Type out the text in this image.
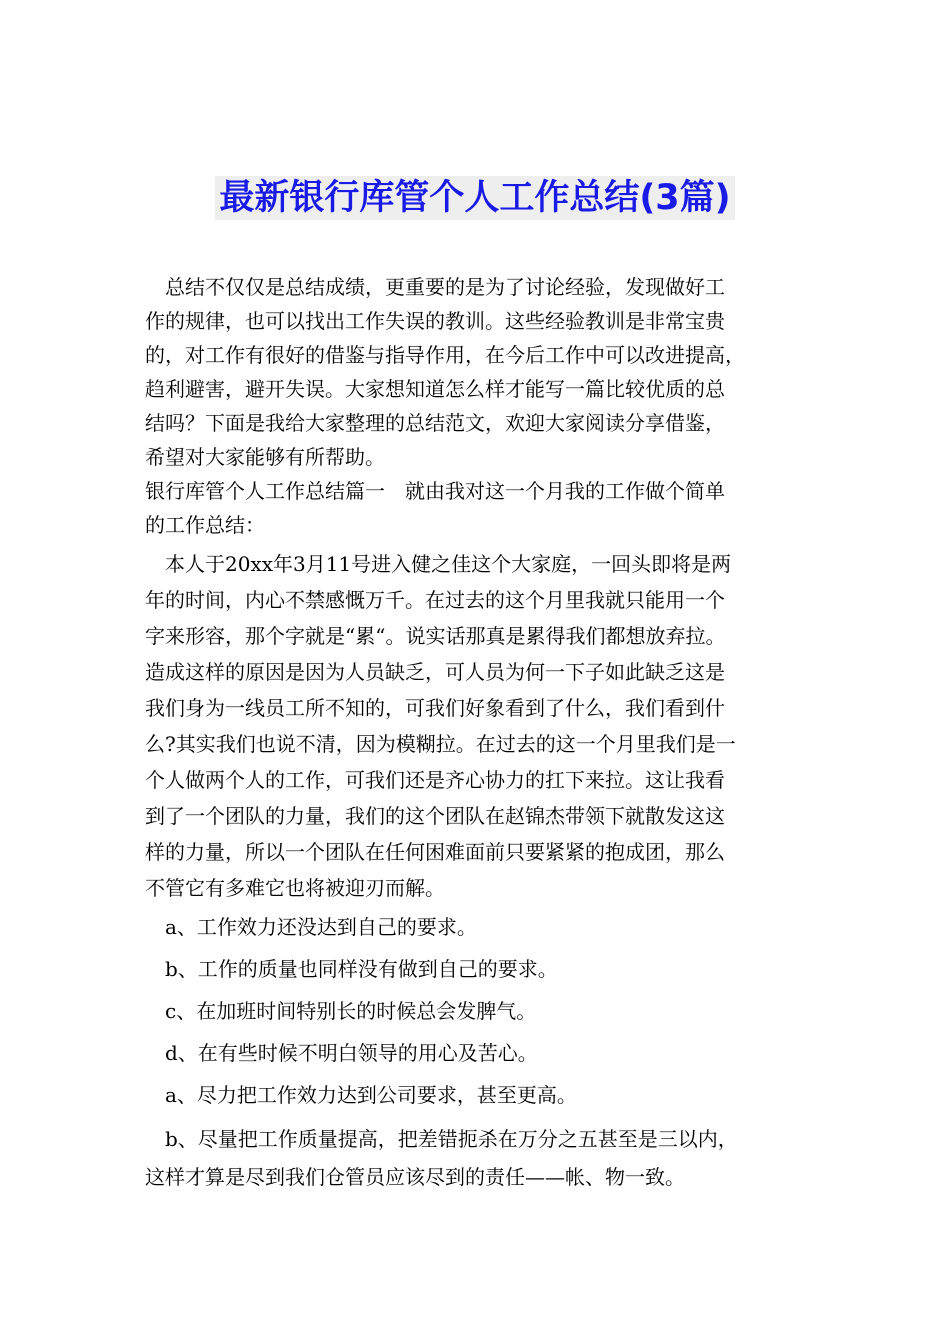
最新银行库管个人工作总结(3篇)

总结不仅仅是总结成绩，更重要的是为了讨论经验，发现做好工

作的规律，也可以找出工作失误的教训。这些经验教训是非常宝贵

的，对工作有很好的借鉴与指导作用，在今后工作中可以改进提高，

趋利避害，避开失误。大家想知道怎么样才能写一篇比较优质的总

结吗？下面是我给大家整理的总结范文，欢迎大家阅读分享借鉴，

希望对大家能够有所帮助。

银行库管个人工作总结篇一　就由我对这一个月我的工作做个简单

的工作总结：

本人于20xx年3月11号进入健之佳这个大家庭，一回头即将是两

年的时间，内心不禁感慨万千。在过去的这个月里我就只能用一个

字来形容，那个字就是“累“。说实话那真是累得我们都想放弃拉。

造成这样的原因是因为人员缺乏，可人员为何一下子如此缺乏这是

我们身为一线员工所不知的，可我们好象看到了什么，我们看到什

么?其实我们也说不清，因为模糊拉。在过去的这一个月里我们是一

个人做两个人的工作，可我们还是齐心协力的扛下来拉。这让我看

到了一个团队的力量，我们的这个团队在赵锦杰带领下就散发这这

样的力量，所以一个团队在任何困难面前只要紧紧的抱成团，那么

不管它有多难它也将被迎刃而解。

a、工作效力还没达到自己的要求。

b、工作的质量也同样没有做到自己的要求。

c、在加班时间特别长的时候总会发脾气。

d、在有些时候不明白领导的用心及苦心。

a、尽力把工作效力达到公司要求，甚至更高。

b、尽量把工作质量提高，把差错扼杀在万分之五甚至是三以内，

这样才算是尽到我们仓管员应该尽到的责任——帐、物一致。
